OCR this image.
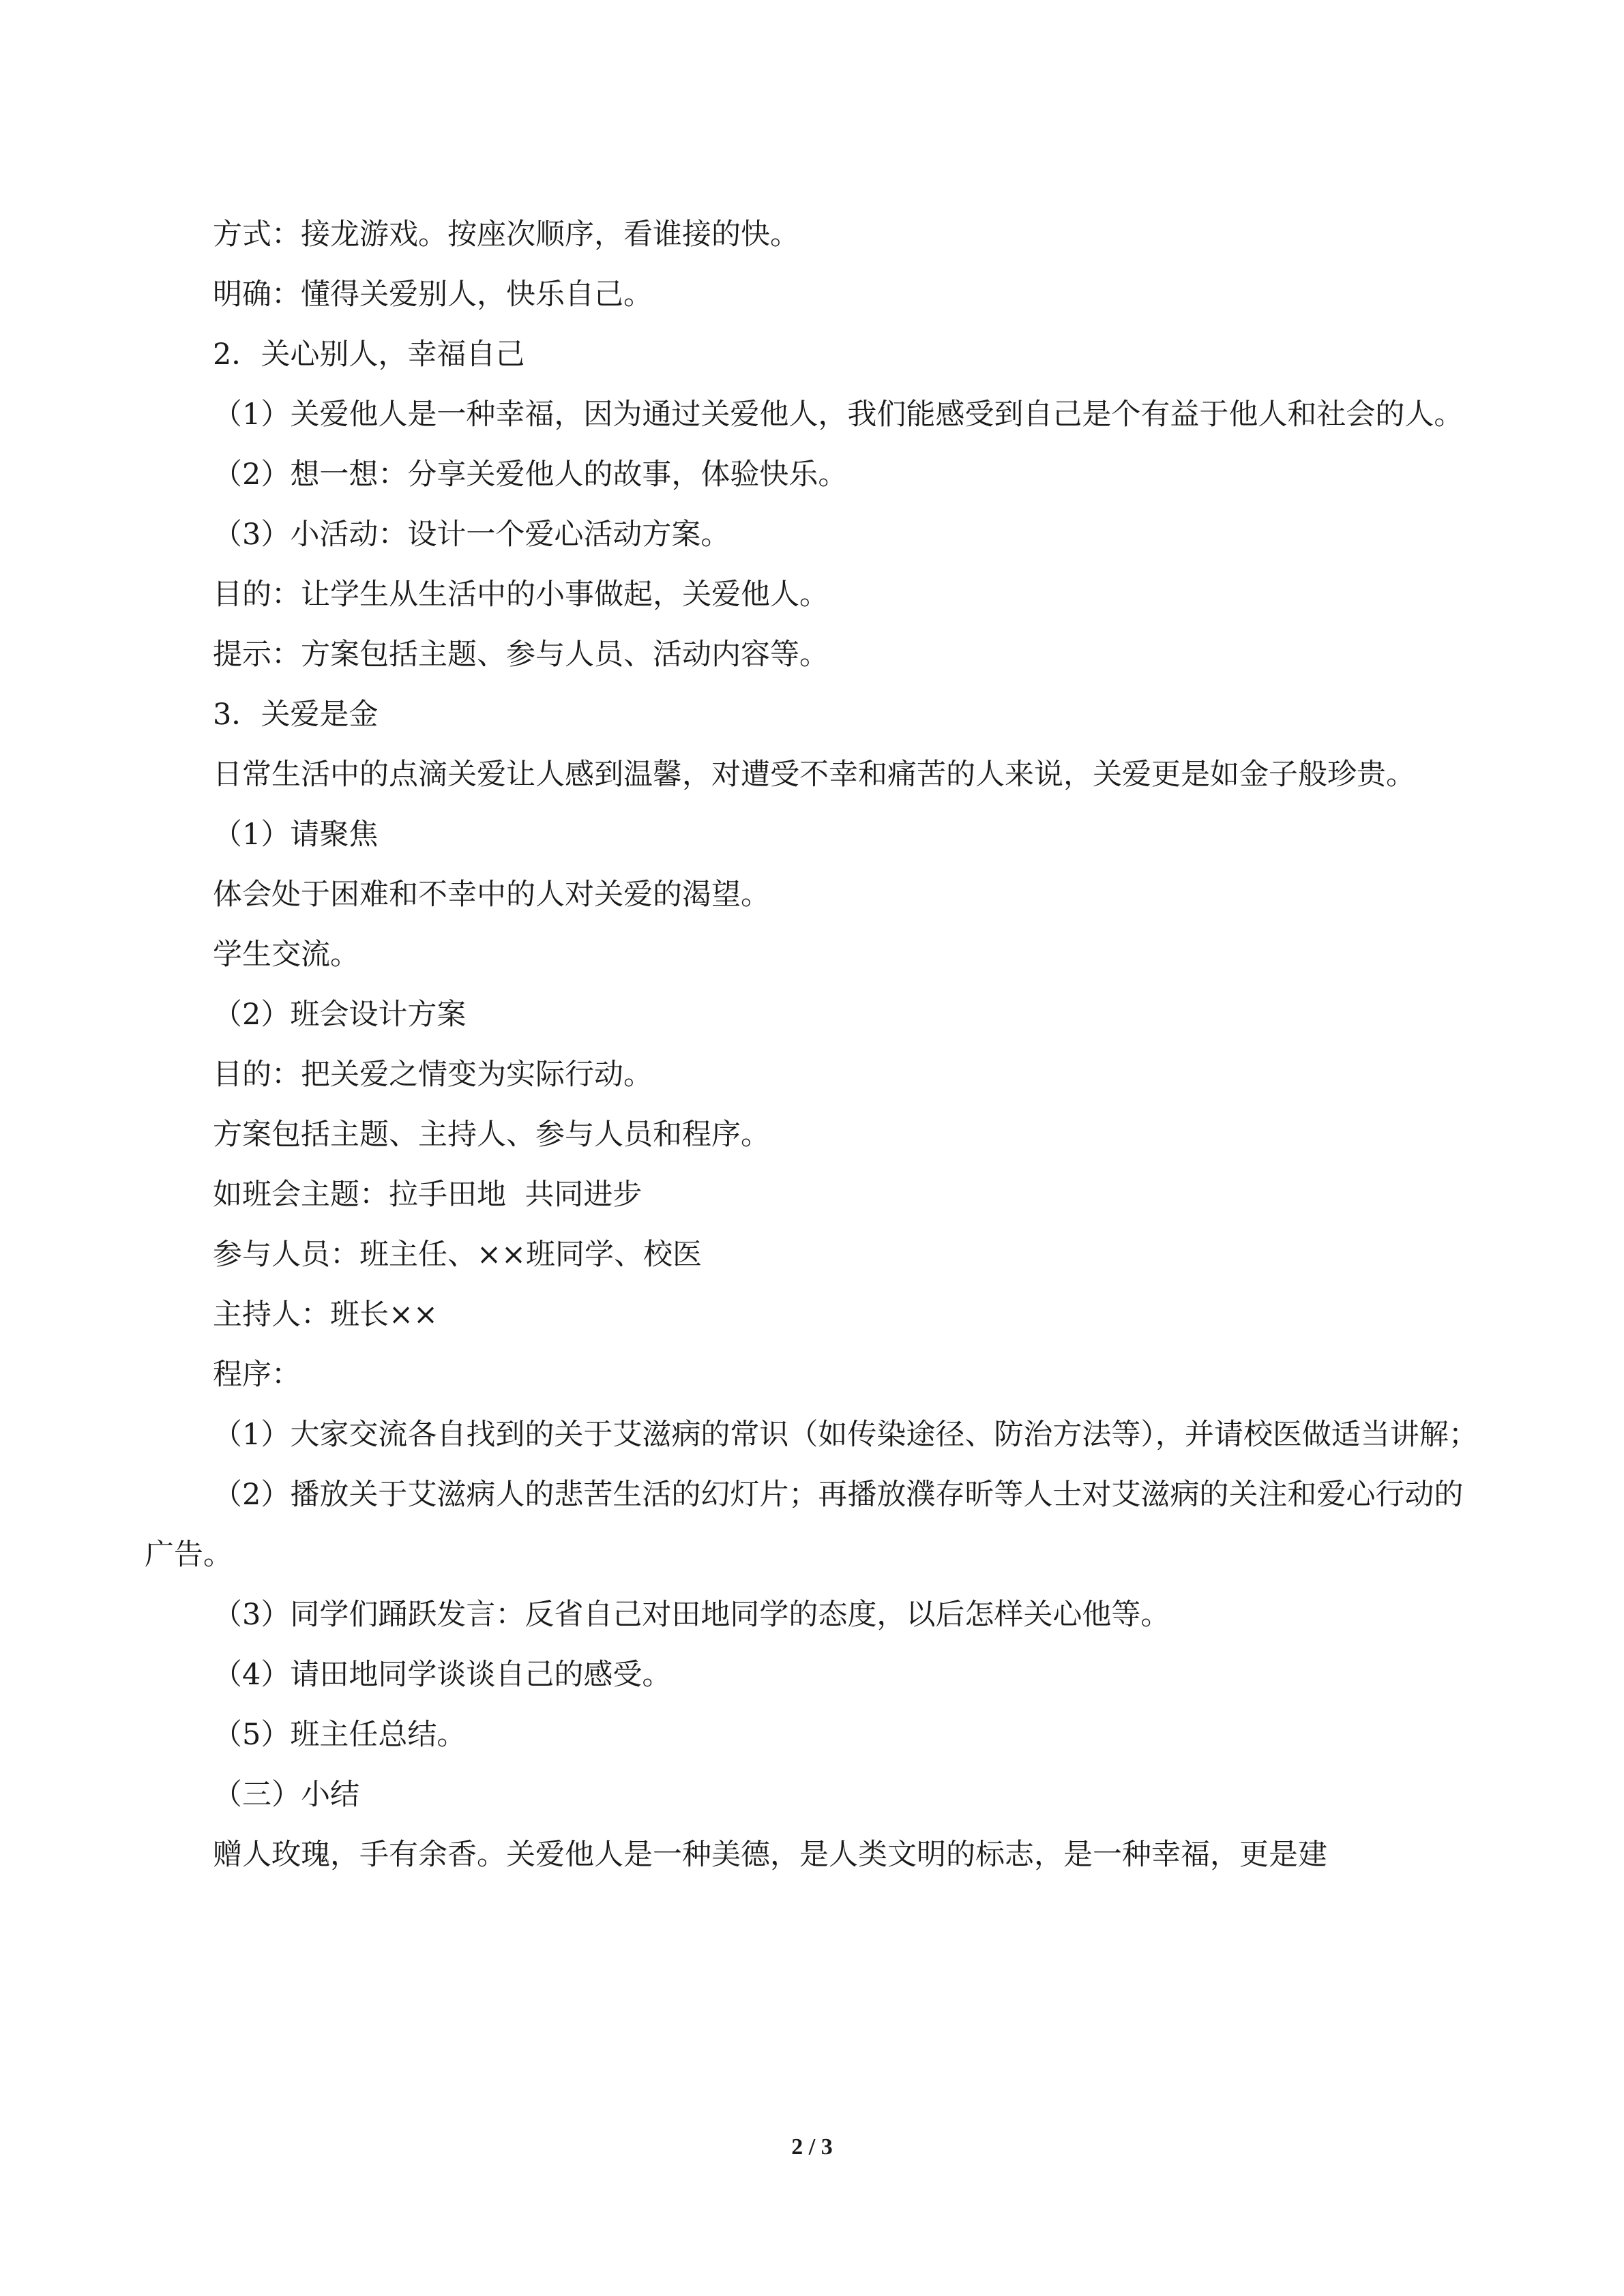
方式：接龙游戏。按座次顺序，看谁接的快。

明确：懂得关爱别人，快乐自己。

2．关心别人，幸福自己

（1）关爱他人是一种幸福，因为通过关爱他人，我们能感受到自己是个有益于他人和社会的人。

（2）想一想：分享关爱他人的故事，体验快乐。

（3）小活动：设计一个爱心活动方案。

目的：让学生从生活中的小事做起，关爱他人。

提示：方案包括主题、参与人员、活动内容等。

3．关爱是金

日常生活中的点滴关爱让人感到温馨，对遭受不幸和痛苦的人来说，关爱更是如金子般珍贵。

（1）请聚焦

体会处于困难和不幸中的人对关爱的渴望。

学生交流。

（2）班会设计方案

目的：把关爱之情变为实际行动。

方案包括主题、主持人、参与人员和程序。

如班会主题：拉手田地  共同进步

参与人员：班主任、××班同学、校医

主持人：班长××

程序：

（1）大家交流各自找到的关于艾滋病的常识（如传染途径、防治方法等），并请校医做适当讲解；

（2）播放关于艾滋病人的悲苦生活的幻灯片；再播放濮存昕等人士对艾滋病的关注和爱心行动的广告。

（3）同学们踊跃发言：反省自己对田地同学的态度，以后怎样关心他等。

（4）请田地同学谈谈自己的感受。

（5）班主任总结。

（三）小结

赠人玫瑰，手有余香。关爱他人是一种美德，是人类文明的标志，是一种幸福，更是建

2 / 3
